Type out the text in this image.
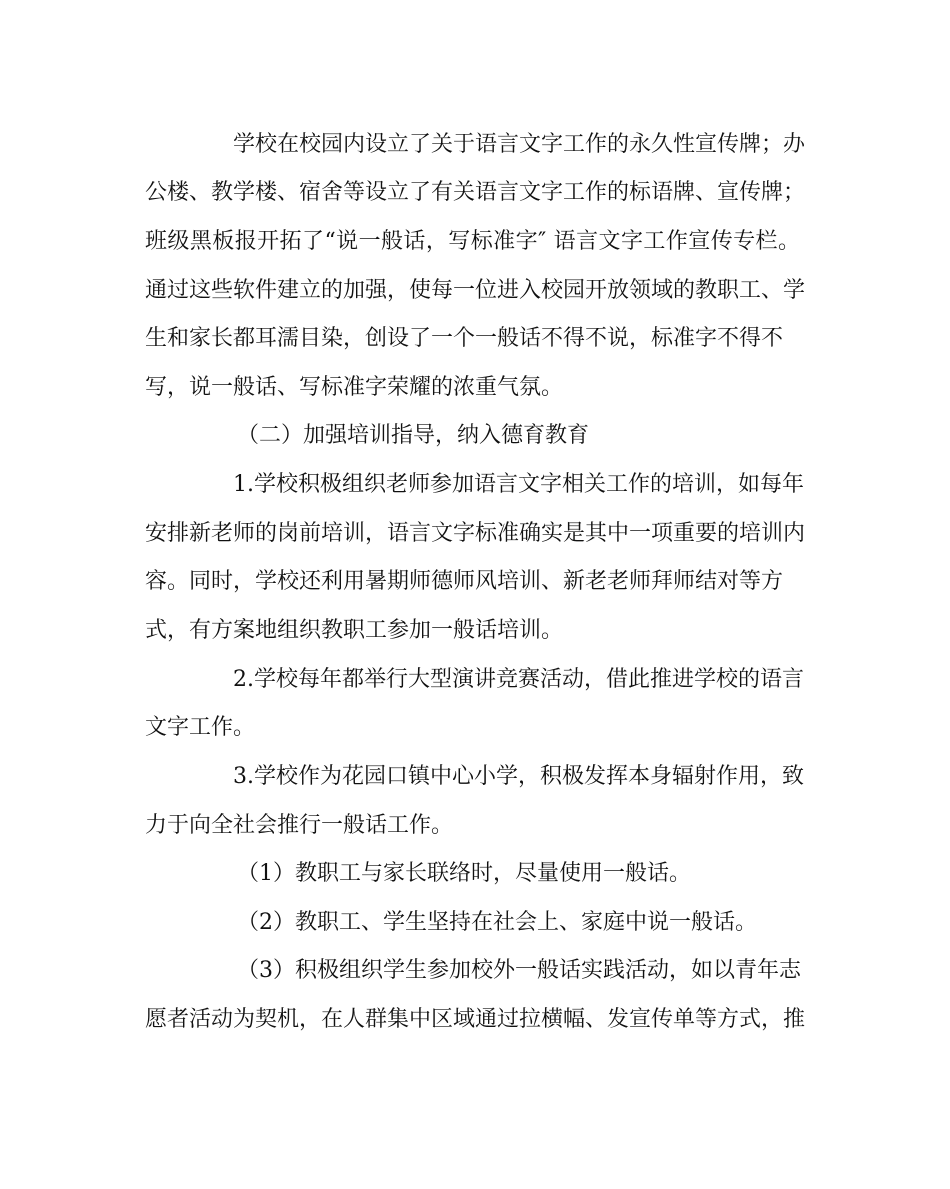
学校在校园内设立了关于语言文字工作的永久性宣传牌；办
公楼、教学楼、宿舍等设立了有关语言文字工作的标语牌、宣传牌；
班级黑板报开拓了“说一般话，写标准字″ 语言文字工作宣传专栏。
通过这些软件建立的加强，使每一位进入校园开放领域的教职工、学
生和家长都耳濡目染，创设了一个一般话不得不说，标准字不得不
写，说一般话、写标准字荣耀的浓重气氛。
（二）加强培训指导，纳入德育教育
1.学校积极组织老师参加语言文字相关工作的培训，如每年
安排新老师的岗前培训，语言文字标准确实是其中一项重要的培训内
容。同时，学校还利用暑期师德师风培训、新老老师拜师结对等方
式，有方案地组织教职工参加一般话培训。
2.学校每年都举行大型演讲竞赛活动，借此推进学校的语言
文字工作。
3.学校作为花园口镇中心小学，积极发挥本身辐射作用，致
力于向全社会推行一般话工作。
（1）教职工与家长联络时，尽量使用一般话。
（2）教职工、学生坚持在社会上、家庭中说一般话。
（3）积极组织学生参加校外一般话实践活动，如以青年志
愿者活动为契机，在人群集中区域通过拉横幅、发宣传单等方式，推
